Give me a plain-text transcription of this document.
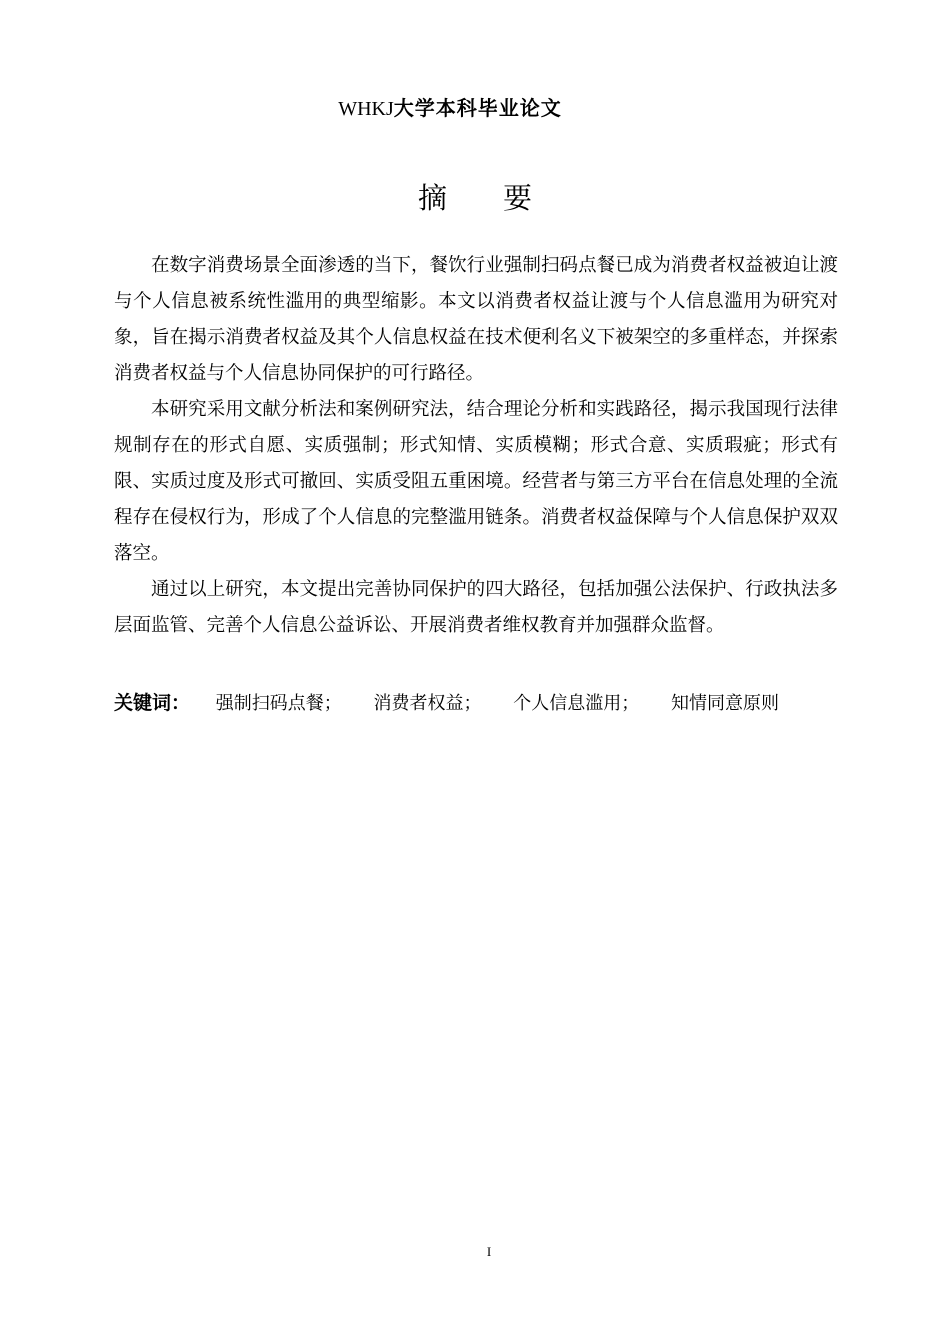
WHKJ大学本科毕业论文
摘要

在数字消费场景全面渗透的当下，餐饮行业强制扫码点餐已成为消费者权益被迫让渡与个人信息被系统性滥用的典型缩影。本文以消费者权益让渡与个人信息滥用为研究对象，旨在揭示消费者权益及其个人信息权益在技术便利名义下被架空的多重样态，并探索消费者权益与个人信息协同保护的可行路径。

本研究采用文献分析法和案例研究法，结合理论分析和实践路径，揭示我国现行法律规制存在的形式自愿、实质强制；形式知情、实质模糊；形式合意、实质瑕疵；形式有限、实质过度及形式可撤回、实质受阻五重困境。经营者与第三方平台在信息处理的全流程存在侵权行为，形成了个人信息的完整滥用链条。消费者权益保障与个人信息保护双双落空。

通过以上研究，本文提出完善协同保护的四大路径，包括加强公法保护、行政执法多层面监管、完善个人信息公益诉讼、开展消费者维权教育并加强群众监督。

关键词： 强制扫码点餐； 消费者权益； 个人信息滥用； 知情同意原则
I
